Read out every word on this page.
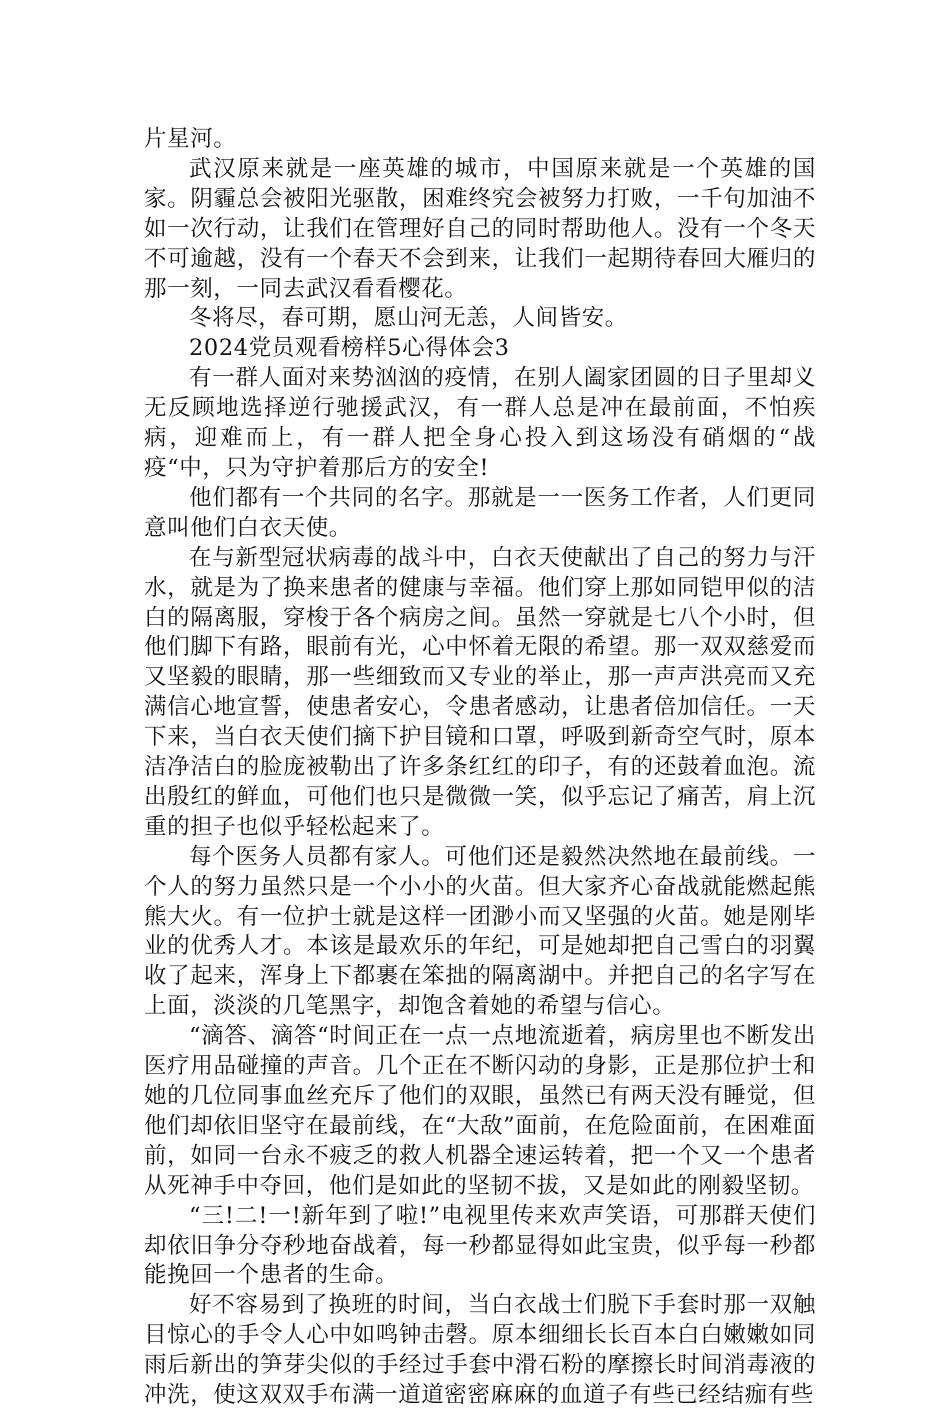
片星河。

武汉原来就是一座英雄的城市，中国原来就是一个英雄的国家。阴霾总会被阳光驱散，困难终究会被努力打败，一千句加油不如一次行动，让我们在管理好自己的同时帮助他人。没有一个冬天不可逾越，没有一个春天不会到来，让我们一起期待春回大雁归的那一刻，一同去武汉看看樱花。

冬将尽，春可期，愿山河无恙，人间皆安。

2024党员观看榜样5心得体会3

有一群人面对来势汹汹的疫情，在别人阖家团圆的日子里却义无反顾地选择逆行驰援武汉，有一群人总是冲在最前面，不怕疾病，迎难而上，有一群人把全身心投入到这场没有硝烟的“战疫“中，只为守护着那后方的安全!

他们都有一个共同的名字。那就是一一医务工作者，人们更同意叫他们白衣天使。

在与新型冠状病毒的战斗中，白衣天使献出了自己的努力与汗水，就是为了换来患者的健康与幸福。他们穿上那如同铠甲似的洁白的隔离服，穿梭于各个病房之间。虽然一穿就是七八个小时，但他们脚下有路，眼前有光，心中怀着无限的希望。那一双双慈爱而又坚毅的眼睛，那一些细致而又专业的举止，那一声声洪亮而又充满信心地宣誓，使患者安心，令患者感动，让患者倍加信任。一天下来，当白衣天使们摘下护目镜和口罩，呼吸到新奇空气时，原本洁净洁白的脸庞被勒出了许多条红红的印子，有的还鼓着血泡。流出殷红的鲜血，可他们也只是微微一笑，似乎忘记了痛苦，肩上沉重的担子也似乎轻松起来了。

每个医务人员都有家人。可他们还是毅然决然地在最前线。一个人的努力虽然只是一个小小的火苗。但大家齐心奋战就能燃起熊熊大火。有一位护士就是这样一团渺小而又坚强的火苗。她是刚毕业的优秀人才。本该是最欢乐的年纪，可是她却把自己雪白的羽翼收了起来，浑身上下都裹在笨拙的隔离湖中。并把自己的名字写在上面，淡淡的几笔黑字，却饱含着她的希望与信心。

“滴答、滴答“时间正在一点一点地流逝着，病房里也不断发出医疗用品碰撞的声音。几个正在不断闪动的身影，正是那位护士和她的几位同事血丝充斥了他们的双眼，虽然已有两天没有睡觉，但他们却依旧坚守在最前线，在“大敌”面前，在危险面前，在困难面前，如同一台永不疲乏的救人机器全速运转着，把一个又一个患者从死神手中夺回，他们是如此的坚韧不拔，又是如此的刚毅坚韧。

“三!二!一!新年到了啦!”电视里传来欢声笑语，可那群天使们却依旧争分夺秒地奋战着，每一秒都显得如此宝贵，似乎每一秒都能挽回一个患者的生命。

好不容易到了换班的时间，当白衣战士们脱下手套时那一双触目惊心的手令人心中如鸣钟击磬。原本细细长长百本白白嫩嫩如同雨后新出的笋芽尖似的手经过手套中滑石粉的摩擦长时间消毒液的冲洗，使这双双手布满一道道密密麻麻的血道子有些已经结痂有些
